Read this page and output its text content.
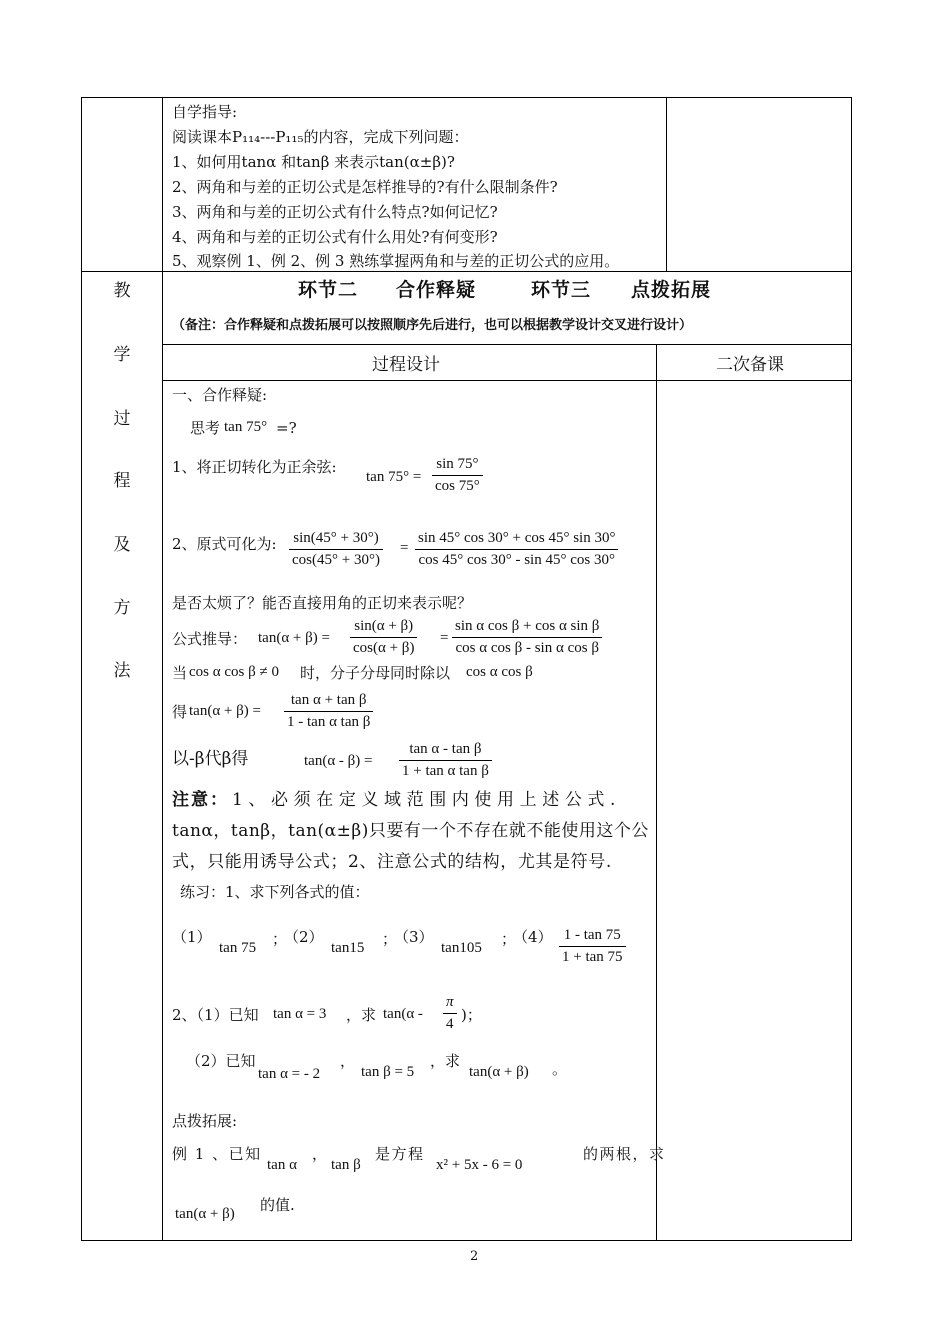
自学指导:
阅读课本P₁₁₄---P₁₁₅的内容，完成下列问题：
1、如何用tanα 和tanβ 来表示tan(α±β)?
2、两角和与差的正切公式是怎样推导的?有什么限制条件?
3、两角和与差的正切公式有什么特点?如何记忆?
4、两角和与差的正切公式有什么用处?有何变形?
5、观察例 1、例 2、例 3 熟练掌握两角和与差的正切公式的应用。
教
学
过
程
及
方
法
环节二 合作释疑	环节三 点拨拓展
（备注：合作释疑和点拨拓展可以按照顺序先后进行，也可以根据教学设计交叉进行设计）
过程设计	二次备课
一、合作释疑:
思考 tan 75° =?
1、将正切转化为正余弦:
$\tan 75^\circ = \frac{\sin 75^\circ}{\cos 75^\circ}$
2、原式可化为: $\frac{\sin(45^\circ + 30^\circ)}{\cos(45^\circ + 30^\circ)} = \frac{\sin 45^\circ \cos 30^\circ + \cos 45^\circ \sin 30^\circ}{\cos 45^\circ \cos 30^\circ - \sin 45^\circ \cos 30^\circ}$
是否太烦了？能否直接用角的正切来表示呢？
公式推导： $\tan(\alpha + \beta) = \frac{\sin(\alpha + \beta)}{\cos(\alpha + \beta)} = \frac{\text{sin α cos β + cos α sin β}}{\text{cos α cos β - sin α cos β}}$
当 cos α cos β ≠ 0 时，分子分母同时除以 cos α cos β
得 $\tan(\alpha + \beta) = \frac{\text{tan α + tan β}}{\text{1 - tan α tan β}}$
以-β代β得	$\tan(\alpha - \beta) = \frac{\text{tan α - tan β}}{\text{1 + tan α tan β}}$
注意： 1、必须在定义域范围内使用上述公式.
tanα，tanβ，tan(α±β)只要有一个不存在就不能使用这个公
式，只能用诱导公式；2、注意公式的结构，尤其是符号.
练习：1、求下列各式的值：
（1）
tan 75 ；
（2）
tan15 ；
（3）
tan105 ；
$(4) \frac{1 - \tan 75}{1 + \tan 75}$
2、（1）已知 tan α = 3 ，求 $\tan(\alpha - \frac{\pi}{4}$ )；
（2）已知
tan α = - 2
，
tan β = 5
，求
tan(α + β) 。
点拨拓展:
例 1 、已知
tan α
，
tan β
是方程
x² + 5x - 6 = 0
的两根，求
tan(α + β) 的值.
2
